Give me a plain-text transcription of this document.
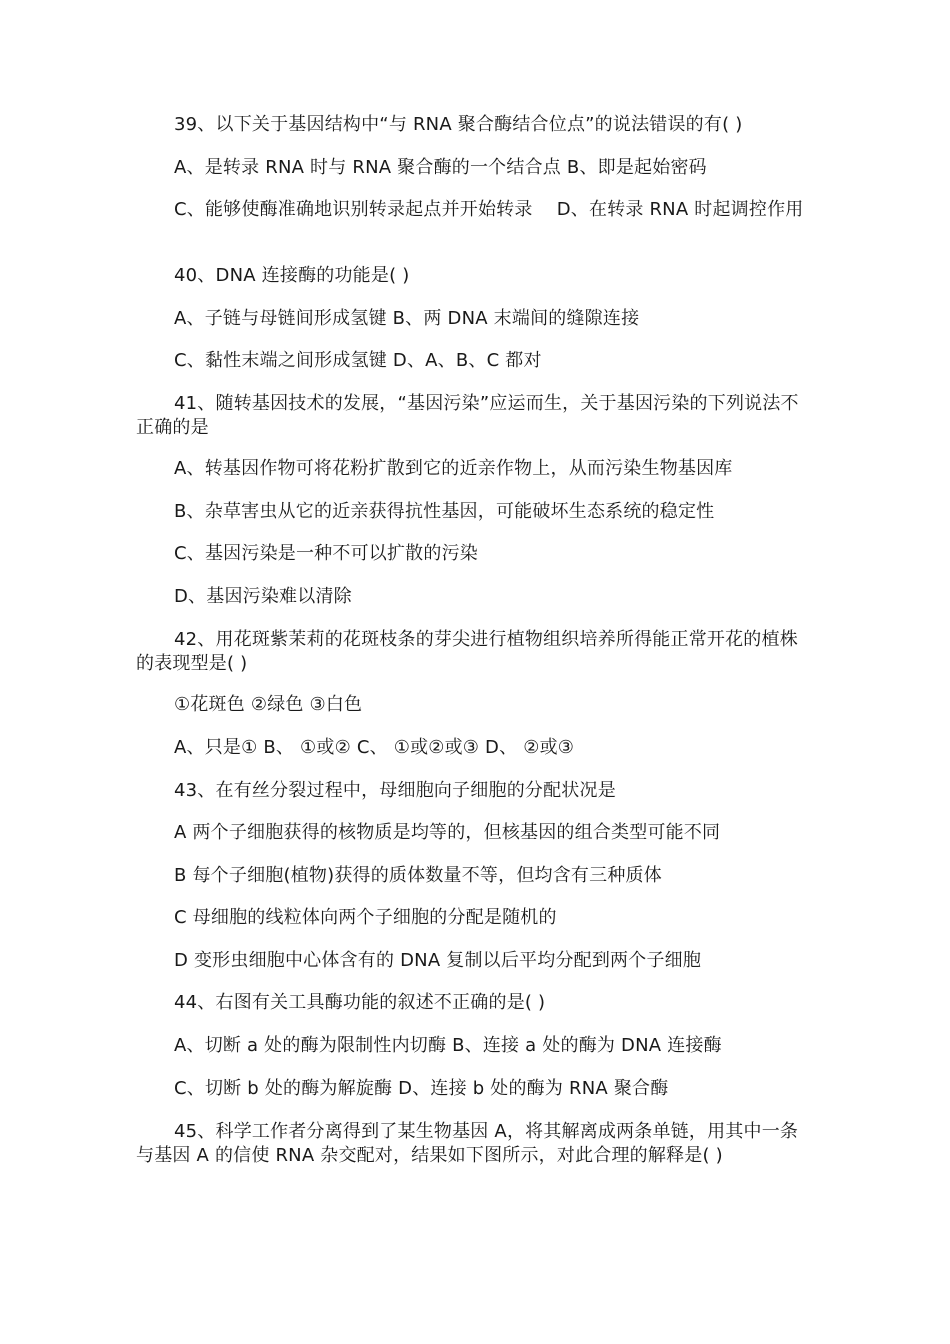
39、以下关于基因结构中“与 RNA 聚合酶结合位点”的说法错误的有( )
A、是转录 RNA 时与 RNA 聚合酶的一个结合点 B、即是起始密码
C、能够使酶准确地识别转录起点并开始转录　 D、在转录 RNA 时起调控作用
40、DNA 连接酶的功能是( )
A、子链与母链间形成氢键 B、两 DNA 末端间的缝隙连接
C、黏性末端之间形成氢键 D、A、B、C 都对
41、随转基因技术的发展，“基因污染”应运而生，关于基因污染的下列说法不正确的是
A、转基因作物可将花粉扩散到它的近亲作物上，从而污染生物基因库
B、杂草害虫从它的近亲获得抗性基因，可能破坏生态系统的稳定性
C、基因污染是一种不可以扩散的污染
D、基因污染难以清除
42、用花斑紫茉莉的花斑枝条的芽尖进行植物组织培养所得能正常开花的植株的表现型是( )
①花斑色 ②绿色 ③白色
A、只是① B、 ①或② C、 ①或②或③ D、 ②或③
43、在有丝分裂过程中，母细胞向子细胞的分配状况是
A 两个子细胞获得的核物质是均等的，但核基因的组合类型可能不同
B 每个子细胞(植物)获得的质体数量不等，但均含有三种质体
C 母细胞的线粒体向两个子细胞的分配是随机的
D 变形虫细胞中心体含有的 DNA 复制以后平均分配到两个子细胞
44、右图有关工具酶功能的叙述不正确的是( )
A、切断 a 处的酶为限制性内切酶 B、连接 a 处的酶为 DNA 连接酶
C、切断 b 处的酶为解旋酶 D、连接 b 处的酶为 RNA 聚合酶
45、科学工作者分离得到了某生物基因 A，将其解离成两条单链，用其中一条与基因 A 的信使 RNA 杂交配对，结果如下图所示，对此合理的解释是( )
